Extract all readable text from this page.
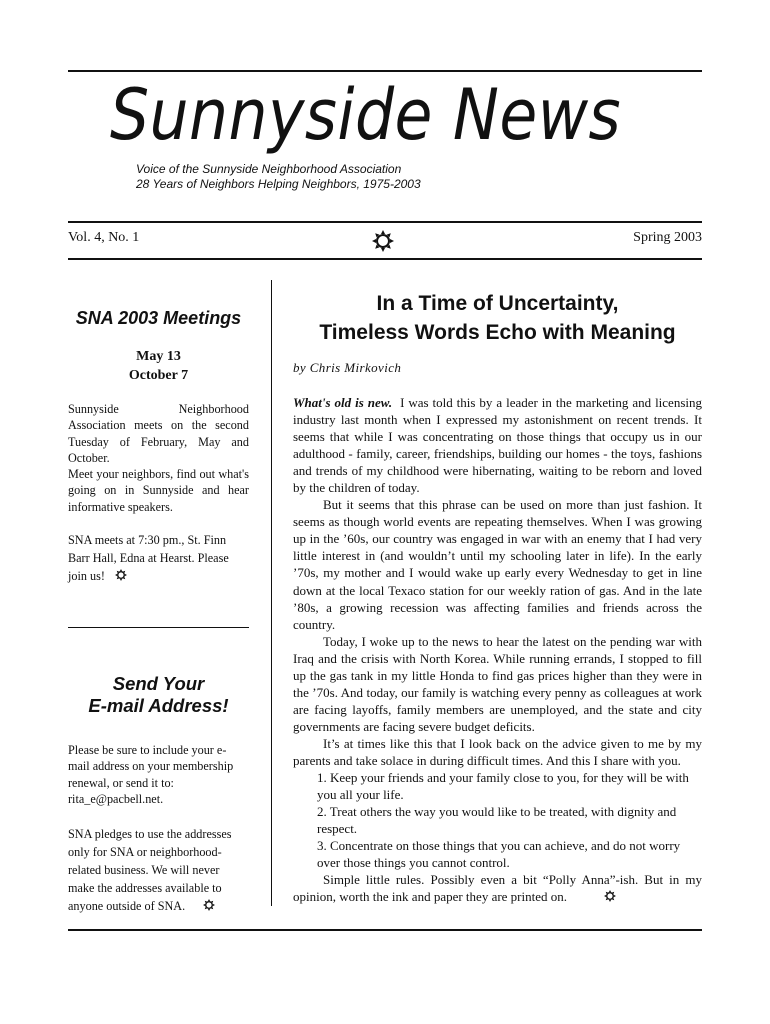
Sunnyside News
Voice of the Sunnyside Neighborhood Association
28 Years of Neighbors Helping Neighbors, 1975-2003
Vol. 4, No. 1	Spring 2003
SNA 2003 Meetings
May 13
October 7

Sunnyside Neighborhood Association meets on the second Tuesday of February, May and October.

Meet your neighbors, find out what's going on in Sunnyside and hear informative speakers.

SNA meets at 7:30 pm., St. Finn Barr Hall, Edna at Hearst. Please join us!

Send Your
E-mail Address!

Please be sure to include your e-mail address on your membership renewal, or send it to: rita_e@pacbell.net.

SNA pledges to use the addresses only for SNA or neighborhood-related business. We will never make the addresses available to anyone outside of SNA.

In a Time of Uncertainty,
Timeless Words Echo with Meaning
by Chris Mirkovich

What's old is new. I was told this by a leader in the marketing and licensing industry last month when I expressed my astonishment on recent trends. It seems that while I was concentrating on those things that occupy us in our adulthood - family, career, friendships, building our homes - the toys, fashions and trends of my childhood were hibernating, waiting to be reborn and loved by the children of today.

But it seems that this phrase can be used on more than just fashion. It seems as though world events are repeating themselves. When I was growing up in the ’60s, our country was engaged in war with an enemy that I had very little interest in (and wouldn’t until my schooling later in life). In the early ’70s, my mother and I would wake up early every Wednesday to get in line down at the local Texaco station for our weekly ration of gas. And in the late ’80s, a growing recession was affecting families and friends across the country.

Today, I woke up to the news to hear the latest on the pending war with Iraq and the crisis with North Korea. While running errands, I stopped to fill up the gas tank in my little Honda to find gas prices higher than they were in the ’70s. And today, our family is watching every penny as colleagues at work are facing layoffs, family members are unemployed, and the state and city governments are facing severe budget deficits.

It’s at times like this that I look back on the advice given to me by my parents and take solace in during difficult times. And this I share with you.

1. Keep your friends and your family close to you, for they will be with you all your life.

2. Treat others the way you would like to be treated, with dignity and respect.

3. Concentrate on those things that you can achieve, and do not worry over those things you cannot control.

Simple little rules. Possibly even a bit “Polly Anna”-ish. But in my opinion, worth the ink and paper they are printed on.
